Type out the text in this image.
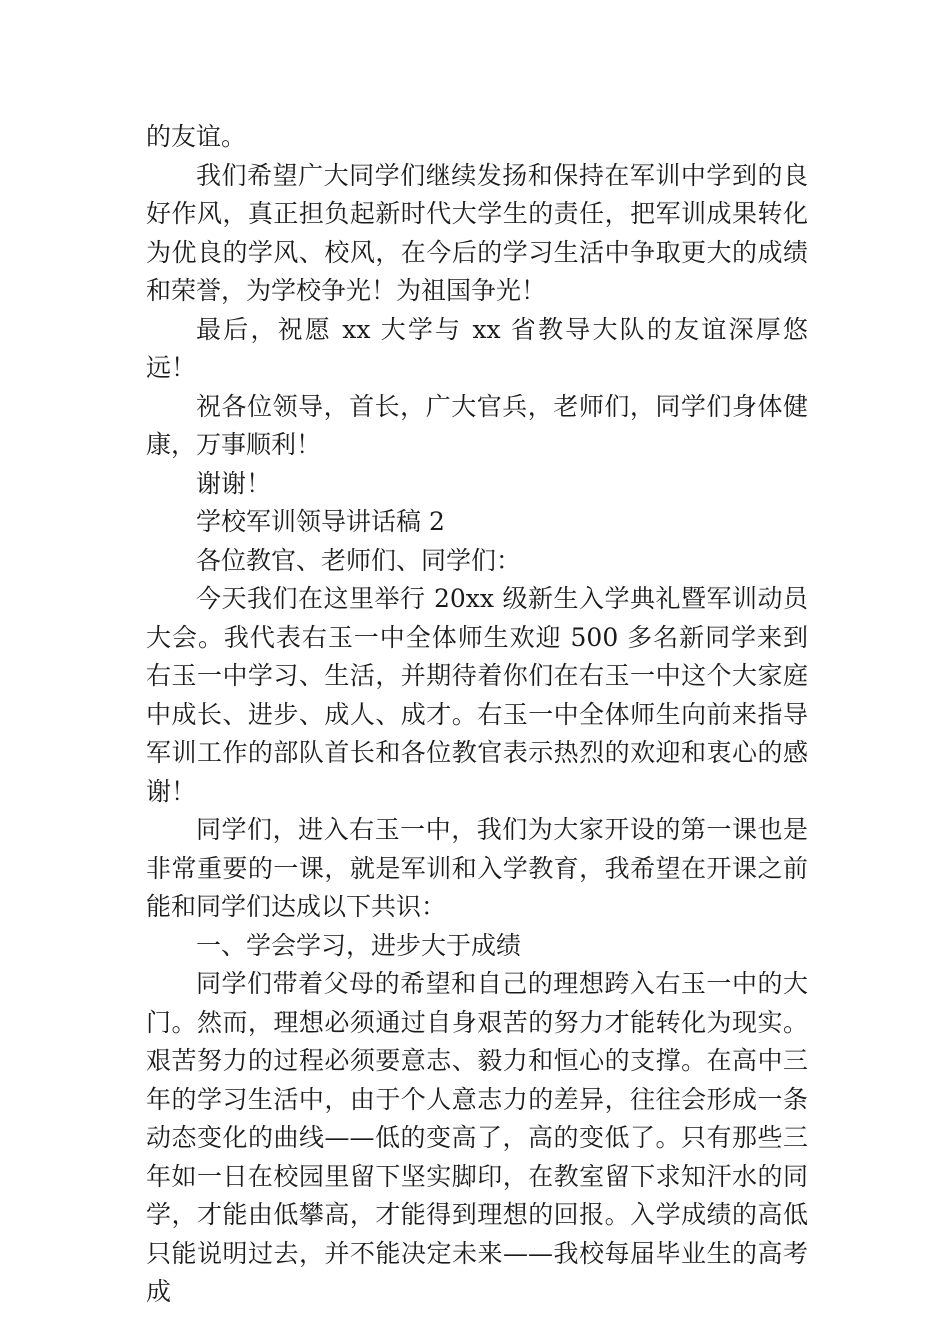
的友谊。

我们希望广大同学们继续发扬和保持在军训中学到的良好作风，真正担负起新时代大学生的责任，把军训成果转化为优良的学风、校风，在今后的学习生活中争取更大的成绩和荣誉，为学校争光！为祖国争光！

最后，祝愿 xx 大学与 xx 省教导大队的友谊深厚悠远！

祝各位领导，首长，广大官兵，老师们，同学们身体健康，万事顺利！

谢谢！

学校军训领导讲话稿 2

各位教官、老师们、同学们：

今天我们在这里举行 20xx 级新生入学典礼暨军训动员大会。我代表右玉一中全体师生欢迎 500 多名新同学来到右玉一中学习、生活，并期待着你们在右玉一中这个大家庭中成长、进步、成人、成才。右玉一中全体师生向前来指导军训工作的部队首长和各位教官表示热烈的欢迎和衷心的感谢！

同学们，进入右玉一中，我们为大家开设的第一课也是非常重要的一课，就是军训和入学教育，我希望在开课之前能和同学们达成以下共识：

一、学会学习，进步大于成绩

同学们带着父母的希望和自己的理想跨入右玉一中的大门。然而，理想必须通过自身艰苦的努力才能转化为现实。艰苦努力的过程必须要意志、毅力和恒心的支撑。在高中三年的学习生活中，由于个人意志力的差异，往往会形成一条动态变化的曲线——低的变高了，高的变低了。只有那些三年如一日在校园里留下坚实脚印，在教室留下求知汗水的同学，才能由低攀高，才能得到理想的回报。入学成绩的高低只能说明过去，并不能决定未来——我校每届毕业生的高考成
